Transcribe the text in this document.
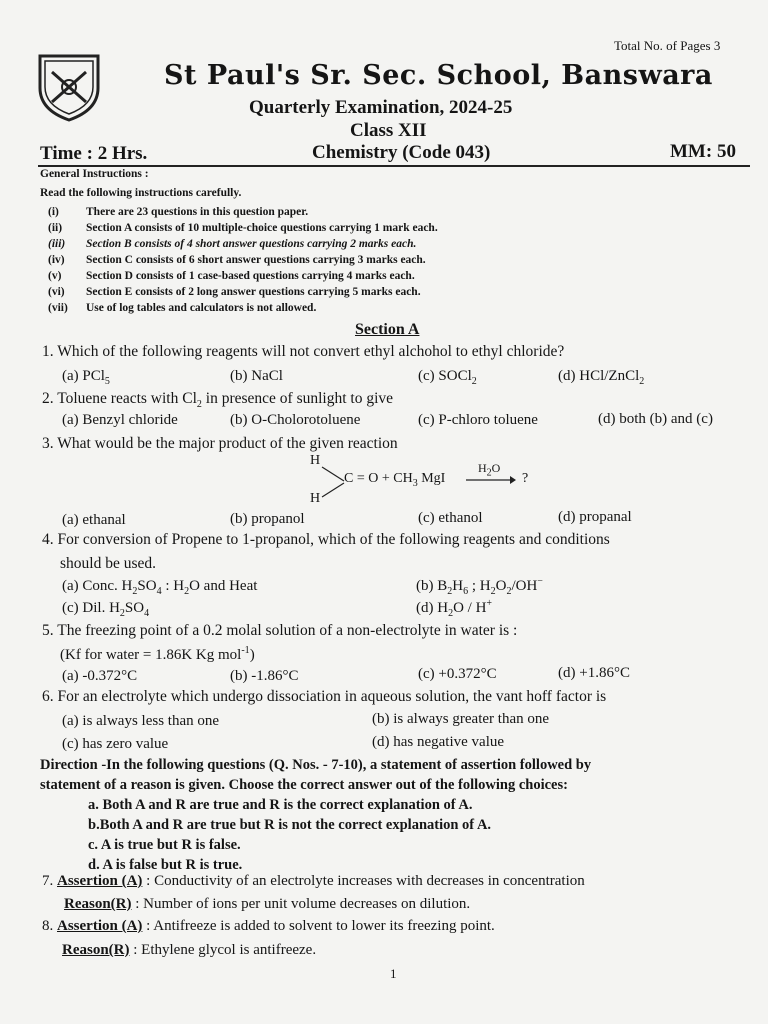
Total No. of Pages 3
St Paul's Sr. Sec. School, Banswara
Quarterly Examination, 2024-25
Class XII
Time : 2 Hrs.	Chemistry (Code 043)	MM: 50
General Instructions :
Read the following instructions carefully.
(i) There are 23 questions in this question paper.
(ii) Section A consists of 10 multiple-choice questions carrying 1 mark each.
(iii) Section B consists of 4 short answer questions carrying 2 marks each.
(iv) Section C consists of 6 short answer questions carrying 3 marks each.
(v) Section D consists of 1 case-based questions carrying 4 marks each.
(vi) Section E consists of 2 long answer questions carrying 5 marks each.
(vii) Use of log tables and calculators is not allowed.
Section A
1. Which of the following reagents will not convert ethyl alchohol to ethyl chloride?
(a) PCl$_5$	(b) NaCl	(c) SOCl$_2$	(d) HCl/ZnCl$_2$
2. Toluene reacts with $Cl_2$ in presence of sunlight to give
(a) Benzyl chloride	(b) O-Cholorotoluene	(c) P-chloro toluene	(d) both (b) and (c)
3. What would be the major product of the given reaction
H
H
$C = O + CH_3$ MgI
$H_2O$
→ ?
(a) ethanal	(b) propanol	(c) ethanol	(d) propanal
4. For conversion of Propene to 1-propanol, which of the following reagents and conditions
should be used.
(a) Conc. $H_2SO_4$ : $H_2O$ and Heat	(b) $B_2H_6$ ; $H_2O_2/OH^-$
(c) Dil. $H_2SO_4$	(d) $H_2O / H^+$
5. The freezing point of a 0.2 molal solution of a non-electrolyte in water is :
(Kf for water = 1.86K Kg mol$^{-1}$)
(a) -0.372°C	(b) -1.86°C	(c) +0.372°C	(d) +1.86°C
6. For an electrolyte which undergo dissociation in aqueous solution, the vant hoff factor is
(a) is always less than one	(b) is always greater than one
(c) has zero value	(d) has negative value
Direction -In the following questions (Q. Nos. - 7-10), a statement of assertion followed by
statement of a reason is given. Choose the correct answer out of the following choices:
a. Both A and R are true and R is the correct explanation of A.
b.Both A and R are true but R is not the correct explanation of A.
c. A is true but R is false.
d. A is false but R is true.
7. Assertion (A) : Conductivity of an electrolyte increases with decreases in concentration
Reason(R) : Number of ions per unit volume decreases on dilution.
8. Assertion (A) : Antifreeze is added to solvent to lower its freezing point.
Reason(R) : Ethylene glycol is antifreeze.
1
